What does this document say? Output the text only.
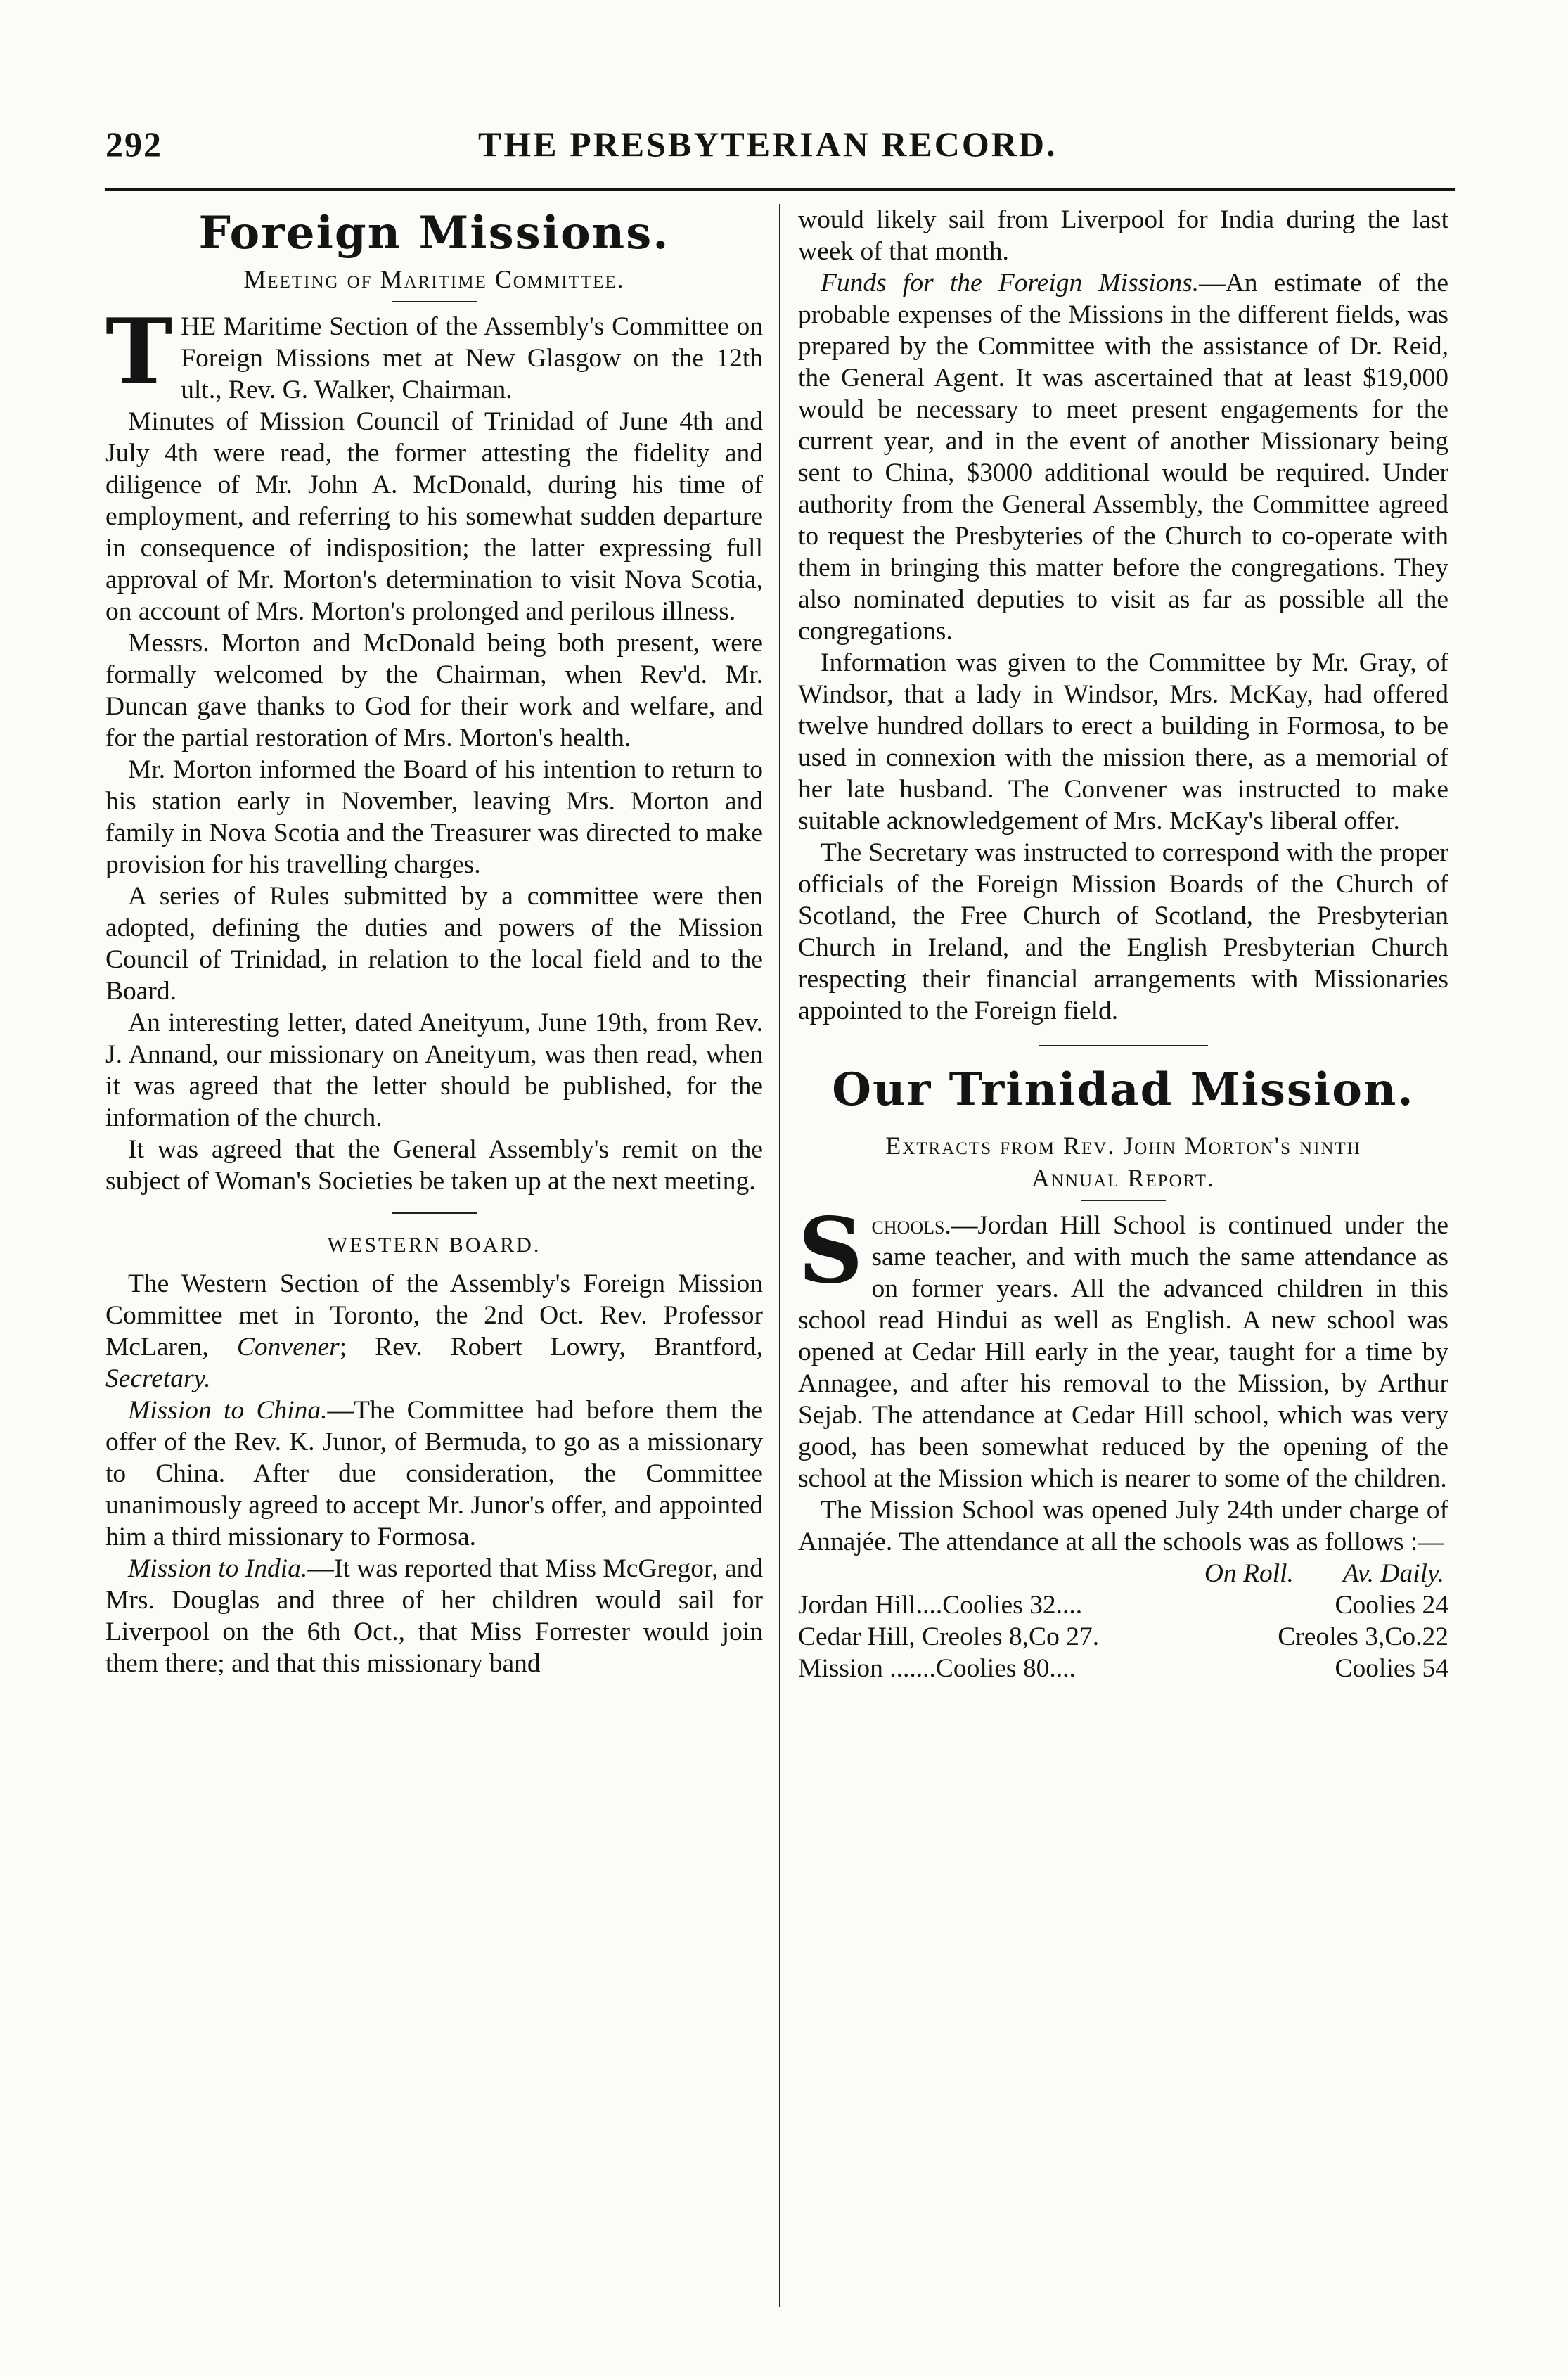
292	THE PRESBYTERIAN RECORD.
Foreign Missions.
Meeting of Maritime Committee.

THE Maritime Section of the Assembly's Committee on Foreign Missions met at New Glasgow on the 12th ult., Rev. G. Walker, Chairman.

Minutes of Mission Council of Trinidad of June 4th and July 4th were read, the former attesting the fidelity and diligence of Mr. John A. McDonald, during his time of employment, and referring to his somewhat sudden departure in consequence of indisposition; the latter expressing full approval of Mr. Morton's determination to visit Nova Scotia, on account of Mrs. Morton's prolonged and perilous illness.

Messrs. Morton and McDonald being both present, were formally welcomed by the Chairman, when Rev'd. Mr. Duncan gave thanks to God for their work and welfare, and for the partial restoration of Mrs. Morton's health.

Mr. Morton informed the Board of his intention to return to his station early in November, leaving Mrs. Morton and family in Nova Scotia and the Treasurer was directed to make provision for his travelling charges.

A series of Rules submitted by a committee were then adopted, defining the duties and powers of the Mission Council of Trinidad, in relation to the local field and to the Board.

An interesting letter, dated Aneityum, June 19th, from Rev. J. Annand, our missionary on Aneityum, was then read, when it was agreed that the letter should be published, for the information of the church.

It was agreed that the General Assembly's remit on the subject of Woman's Societies be taken up at the next meeting.

WESTERN BOARD.

The Western Section of the Assembly's Foreign Mission Committee met in Toronto, the 2nd Oct. Rev. Professor McLaren, Convener; Rev. Robert Lowry, Brantford, Secretary.

Mission to China.—The Committee had before them the offer of the Rev. K. Junor, of Bermuda, to go as a missionary to China. After due consideration, the Committee unanimously agreed to accept Mr. Junor's offer, and appointed him a third missionary to Formosa.

Mission to India.—It was reported that Miss McGregor, and Mrs. Douglas and three of her children would sail for Liverpool on the 6th Oct., that Miss Forrester would join them there; and that this missionary band

would likely sail from Liverpool for India during the last week of that month.

Funds for the Foreign Missions.—An estimate of the probable expenses of the Missions in the different fields, was prepared by the Committee with the assistance of Dr. Reid, the General Agent. It was ascertained that at least $19,000 would be necessary to meet present engagements for the current year, and in the event of another Missionary being sent to China, $3000 additional would be required. Under authority from the General Assembly, the Committee agreed to request the Presbyteries of the Church to co-operate with them in bringing this matter before the congregations. They also nominated deputies to visit as far as possible all the congregations.

Information was given to the Committee by Mr. Gray, of Windsor, that a lady in Windsor, Mrs. McKay, had offered twelve hundred dollars to erect a building in Formosa, to be used in connexion with the mission there, as a memorial of her late husband. The Convener was instructed to make suitable acknowledgement of Mrs. McKay's liberal offer.

The Secretary was instructed to correspond with the proper officials of the Foreign Mission Boards of the Church of Scotland, the Free Church of Scotland, the Presbyterian Church in Ireland, and the English Presbyterian Church respecting their financial arrangements with Missionaries appointed to the Foreign field.

Our Trinidad Mission.
Extracts from Rev. John Morton's ninth
Annual Report.

Schools.—Jordan Hill School is continued under the same teacher, and with much the same attendance as on former years. All the advanced children in this school read Hindui as well as English. A new school was opened at Cedar Hill early in the year, taught for a time by Annagee, and after his removal to the Mission, by Arthur Sejab. The attendance at Cedar Hill school, which was very good, has been somewhat reduced by the opening of the school at the Mission which is nearer to some of the children.

The Mission School was opened July 24th under charge of Annajée. The attendance at all the schools was as follows :—

On Roll. Av. Daily.
Jordan Hill....Coolies 32....	Coolies 24
Cedar Hill, Creoles 8,Co 27.	Creoles 3,Co.22
Mission .......Coolies 80....	Coolies 54
